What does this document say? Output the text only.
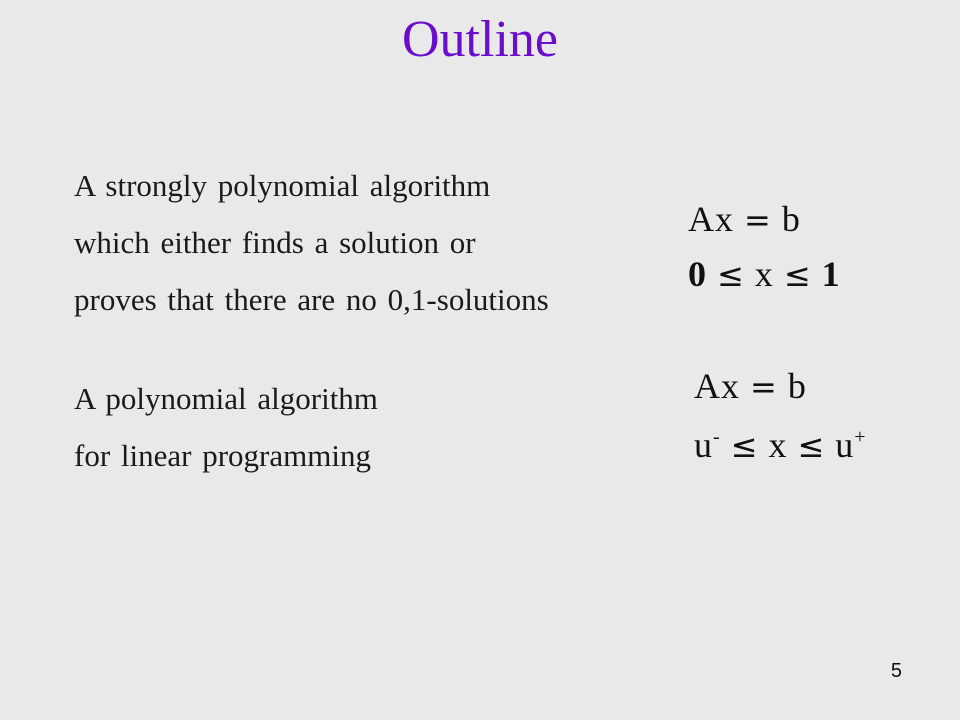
Outline
A strongly polynomial algorithm
which either finds a solution or
proves that there are no 0,1-solutions
A polynomial algorithm
for linear programming
Ax = b
0 ≤ x ≤ 1
Ax = b
u- ≤ x ≤ u+
5
